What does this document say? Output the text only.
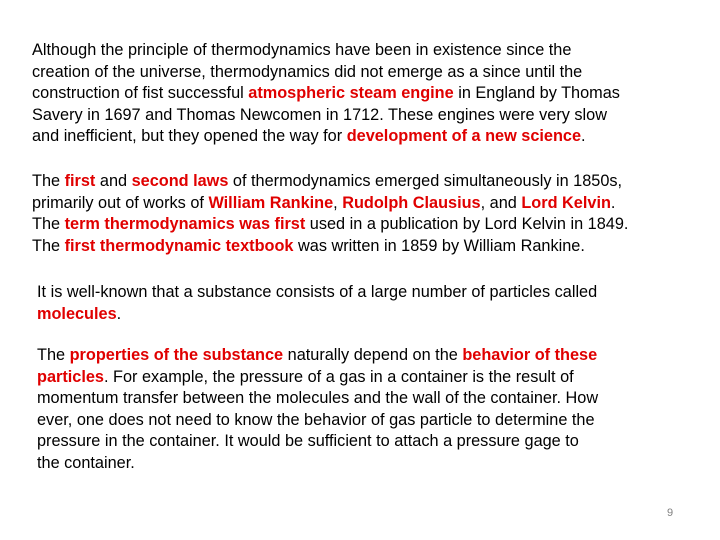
Although the principle of thermodynamics have been in existence since the
creation of the universe, thermodynamics did not emerge as a since until the
construction of fist successful atmospheric steam engine in England by Thomas
Savery in 1697 and Thomas Newcomen in 1712. These engines were very slow
and inefficient, but they opened the way for development of a new science.

The first and second laws of thermodynamics emerged simultaneously in 1850s,
primarily out of works of William Rankine, Rudolph Clausius, and Lord Kelvin.
The term thermodynamics was first used in a publication by Lord Kelvin in 1849.
The first thermodynamic textbook was written in 1859 by William Rankine.

It is well-known that a substance consists of a large number of particles called
molecules.

The properties of the substance naturally depend on the behavior of these
particles. For example, the pressure of a gas in a container is the result of
momentum transfer between the molecules and the wall of the container. How
ever, one does not need to know the behavior of gas particle to determine the
pressure in the container. It would be sufficient to attach a pressure gage to
the container.

9
